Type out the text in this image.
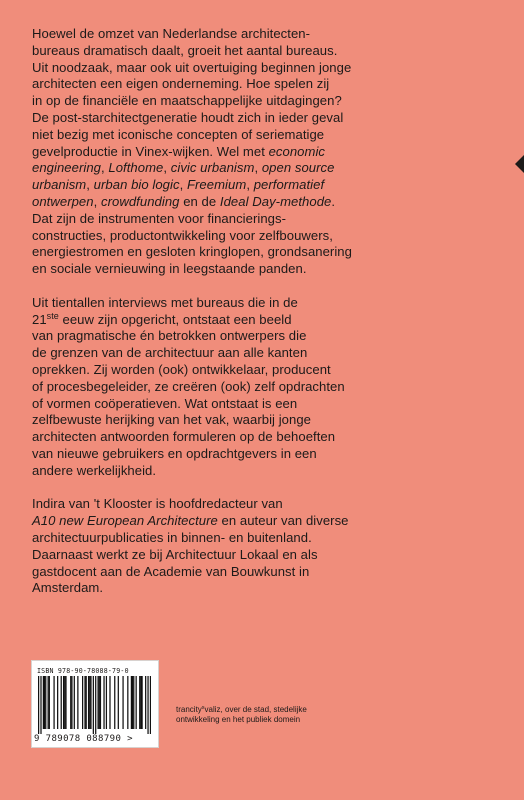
Hoewel de omzet van Nederlandse architecten-
bureaus dramatisch daalt, groeit het aantal bureaus.
Uit noodzaak, maar ook uit overtuiging beginnen jonge
architecten een eigen onderneming. Hoe spelen zij
in op de financiële en maatschappelijke uitdagingen?
De post-starchitectgeneratie houdt zich in ieder geval
niet bezig met iconische concepten of seriematige
gevelproductie in Vinex-wijken. Wel met economic
engineering, Lofthome, civic urbanism, open source
urbanism, urban bio logic, Freemium, performatief
ontwerpen, crowdfunding en de Ideal Day-methode.
Dat zijn de instrumenten voor financierings-
constructies, productontwikkeling voor zelfbouwers,
energiestromen en gesloten kringlopen, grondsanering
en sociale vernieuwing in leegstaande panden.

Uit tientallen interviews met bureaus die in de
21ste eeuw zijn opgericht, ontstaat een beeld
van pragmatische én betrokken ontwerpers die
de grenzen van de architectuur aan alle kanten
oprekken. Zij worden (ook) ontwikkelaar, producent
of procesbegeleider, ze creëren (ook) zelf opdrachten
of vormen coöperatieven. Wat ontstaat is een
zelfbewuste herijking van het vak, waarbij jonge
architecten antwoorden formuleren op de behoeften
van nieuwe gebruikers en opdrachtgevers in een
andere werkelijkheid.

Indira van 't Klooster is hoofdredacteur van
A10 new European Architecture en auteur van diverse
architectuurpublicaties in binnen- en buitenland.
Daarnaast werkt ze bij Architectuur Lokaal en als
gastdocent aan de Academie van Bouwkunst in
Amsterdam.

ISBN 978-90-78088-79-0
9 789078 088790 >
trancity$^x$valiz, over de stad, stedelijke
ontwikkeling en het publiek domein
